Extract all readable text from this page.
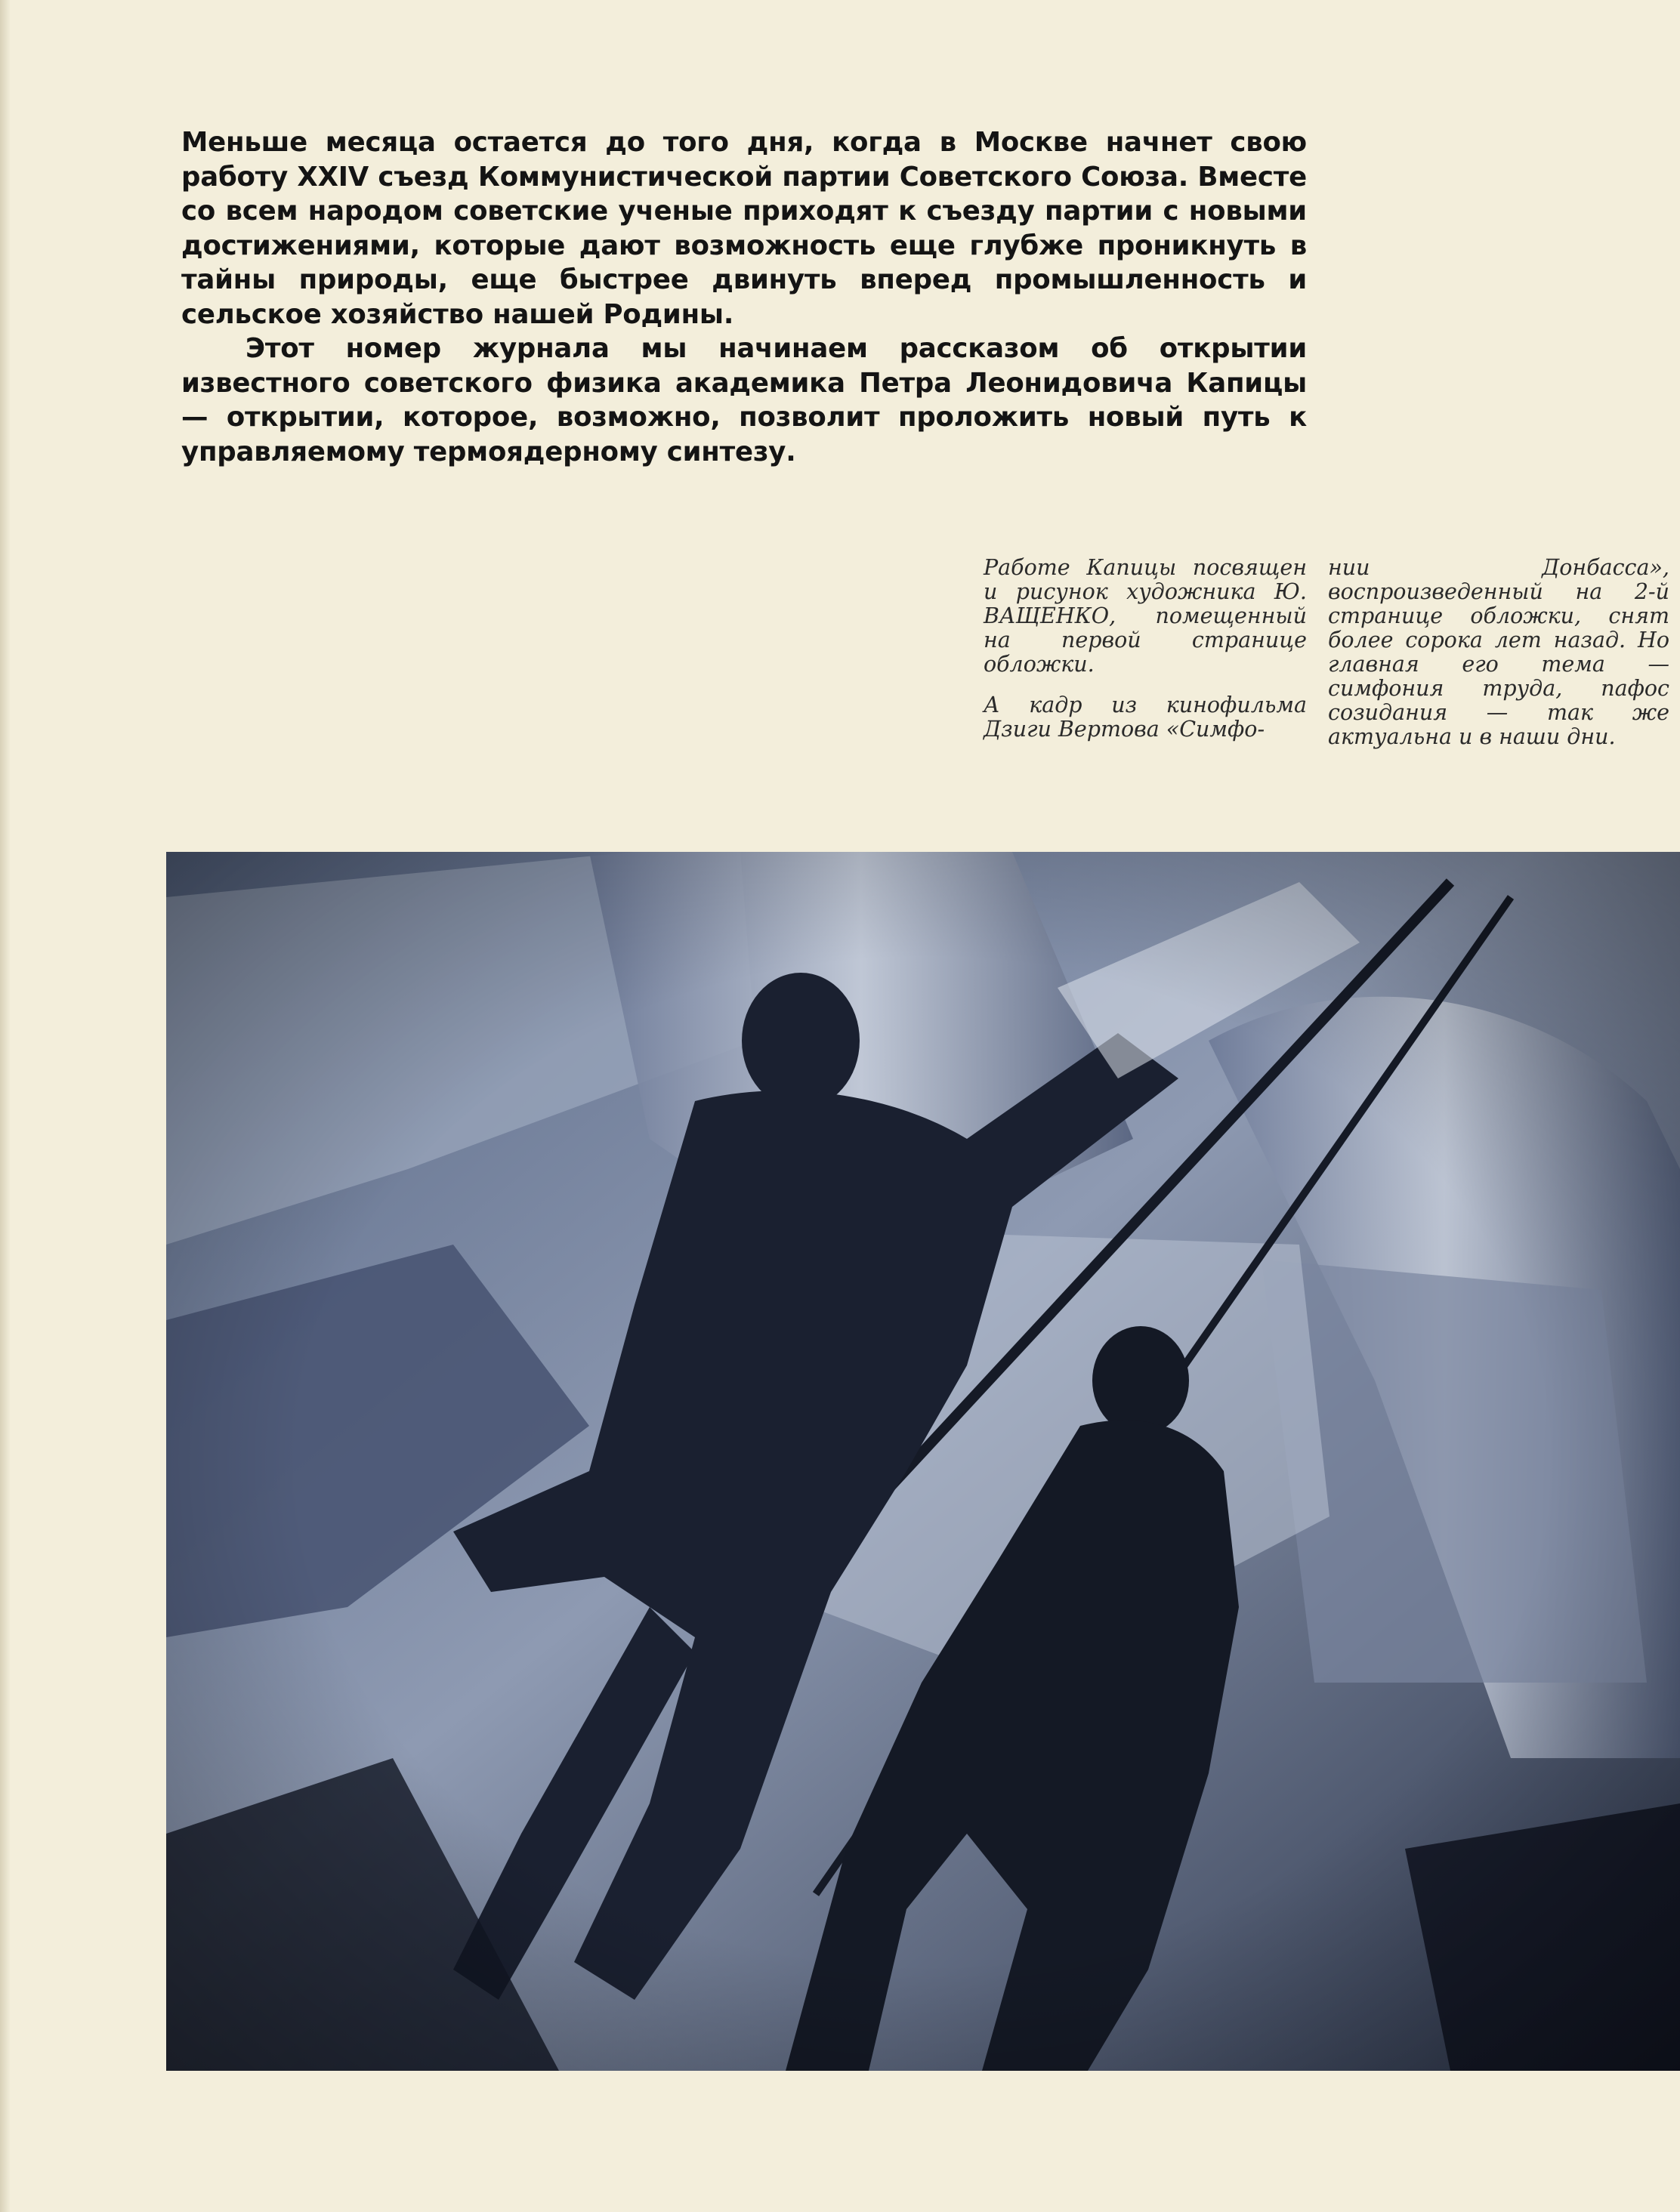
Меньше месяца остается до того дня, когда в Москве начнет свою работу XXIV съезд Коммунистической партии Советского Союза. Вместе со всем народом советские ученые приходят к съезду партии с новыми достижениями, которые дают возможность еще глубже проникнуть в тайны природы, еще быстрее двинуть вперед промышленность и сельское хозяйство нашей Родины.

Этот номер журнала мы начинаем рассказом об открытии известного советского физика академика Петра Леонидовича Капицы — открытии, которое, возможно, позволит проложить новый путь к управляемому термоядерному синтезу.

Работе Капицы посвящен и рисунок художника Ю. ВАЩЕНКО, помещенный на первой странице обложки.

А кадр из кинофильма Дзиги Вертова «Симфо-

нии Донбасса», воспроизведенный на 2-й странице обложки, снят более сорока лет назад. Но главная его тема — симфония труда, пафос созидания — так же актуальна и в наши дни.
